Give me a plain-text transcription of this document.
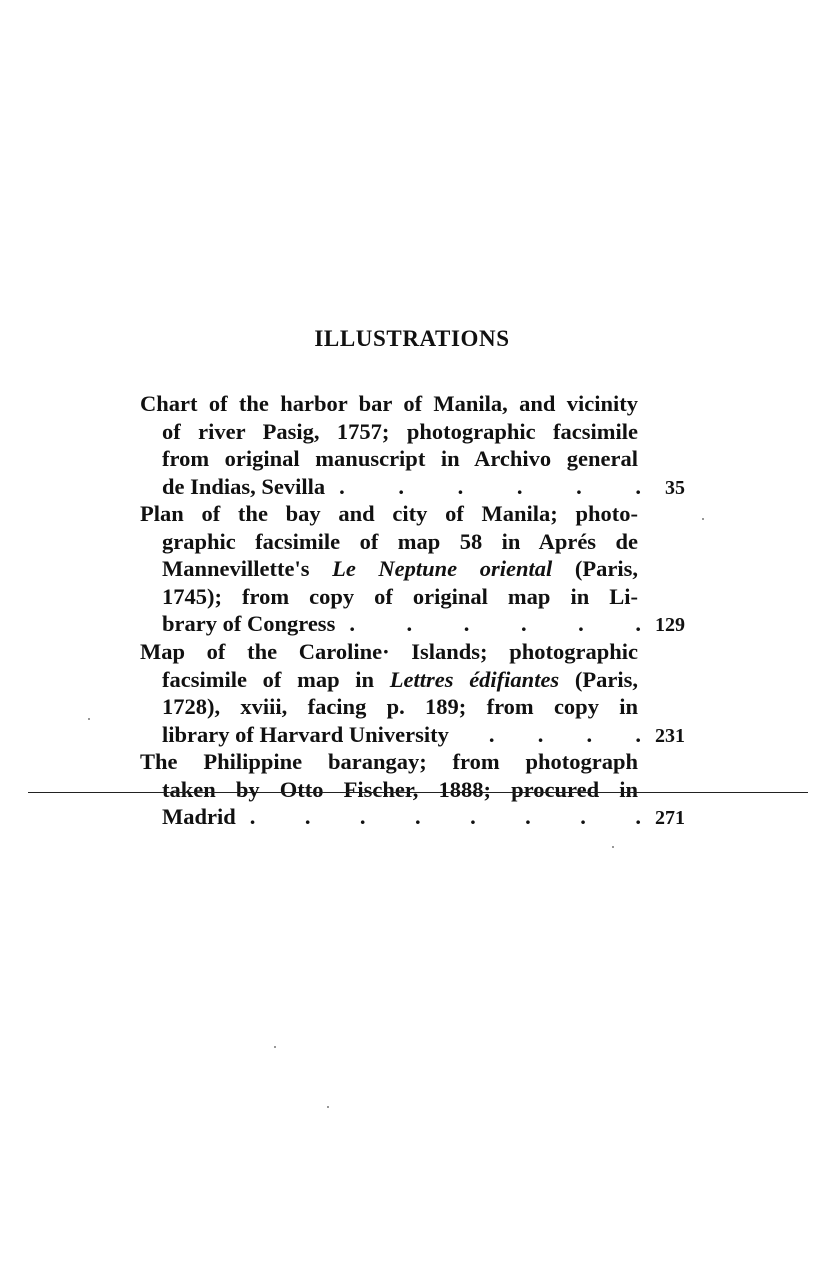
ILLUSTRATIONS
Chart of the harbor bar of Manila, and vicinity
of river Pasig, 1757; photographic facsimile
from original manuscript in Archivo general
de Indias, Sevilla . . . . . .	35
Plan of the bay and city of Manila; photo-
graphic facsimile of map 58 in Aprés de
Mannevillette's Le Neptune oriental (Paris,
1745); from copy of original map in Li-
brary of Congress . . . . . . 129
Map of the Caroline· Islands; photographic
facsimile of map in Lettres édifiantes (Paris,
1728), xviii, facing p. 189; from copy in
library of Harvard University . . . . 231
The Philippine barangay; from photograph
taken by Otto Fischer, 1888; procured in
Madrid . . . . . . . . 271
